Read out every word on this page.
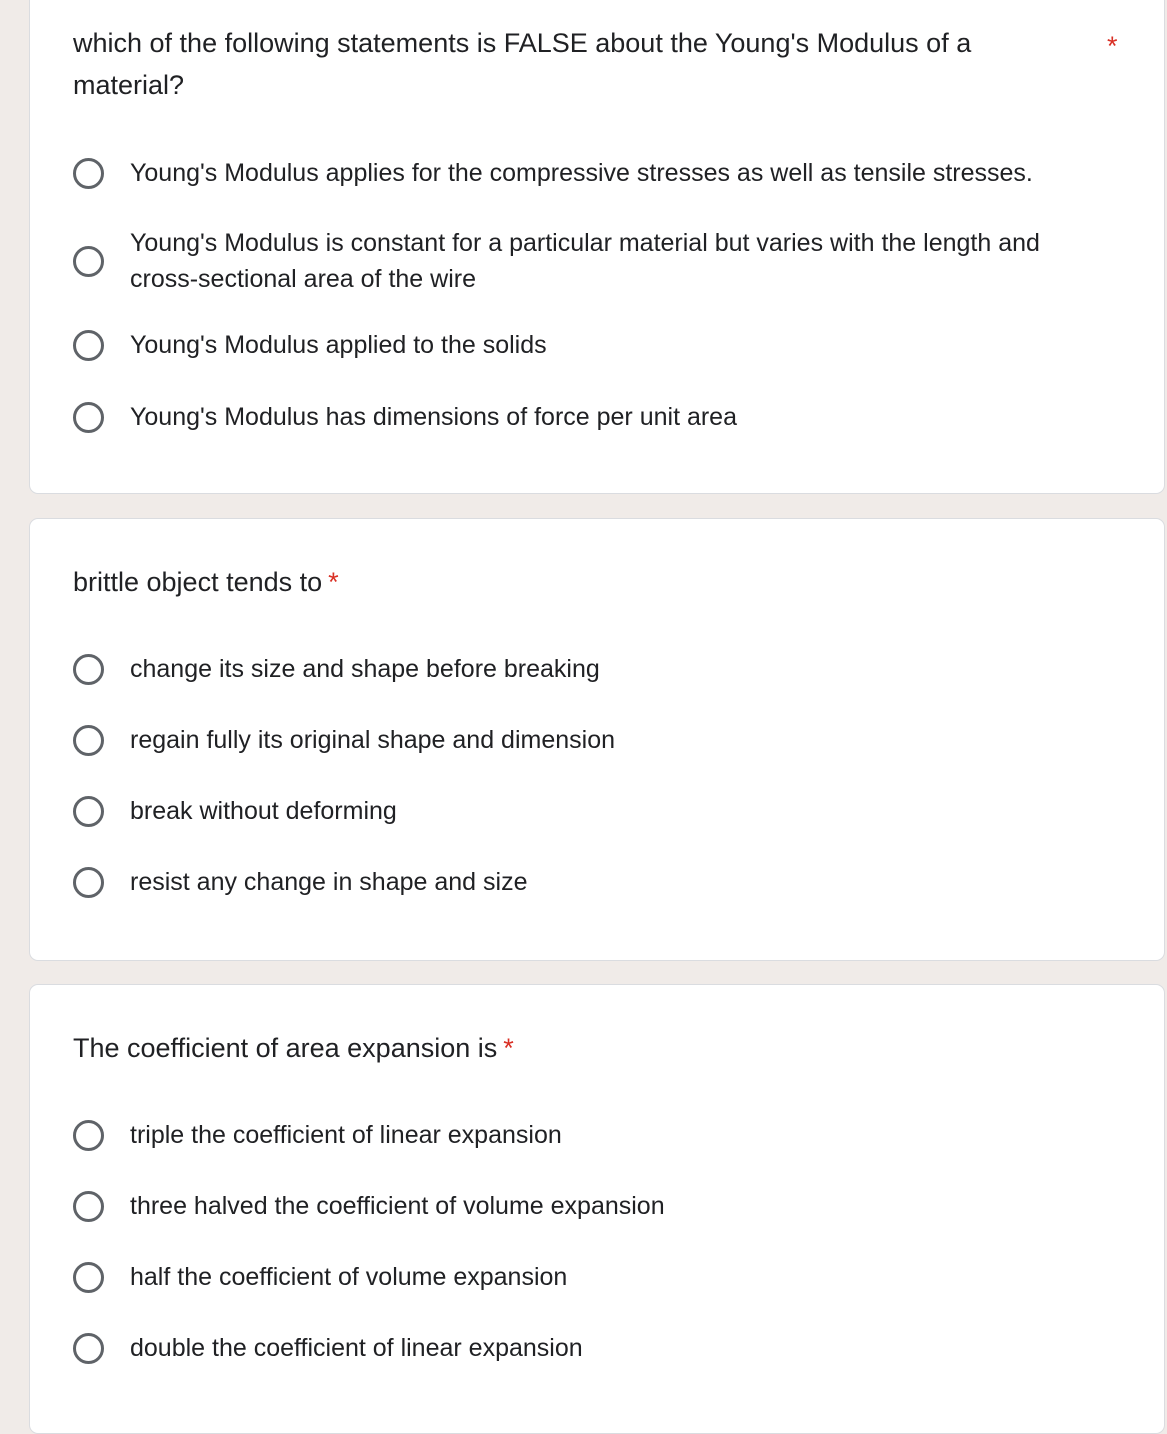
which of the following statements is FALSE about the Young's Modulus of a material?

*
Young's Modulus applies for the compressive stresses as well as tensile stresses.
Young's Modulus is constant for a particular material but varies with the length and cross-sectional area of the wire
Young's Modulus applied to the solids
Young's Modulus has dimensions of force per unit area

brittle object tends to *

change its size and shape before breaking
regain fully its original shape and dimension
break without deforming
resist any change in shape and size

The coefficient of area expansion is *

triple the coefficient of linear expansion
three halved the coefficient of volume expansion
half the coefficient of volume expansion
double the coefficient of linear expansion
